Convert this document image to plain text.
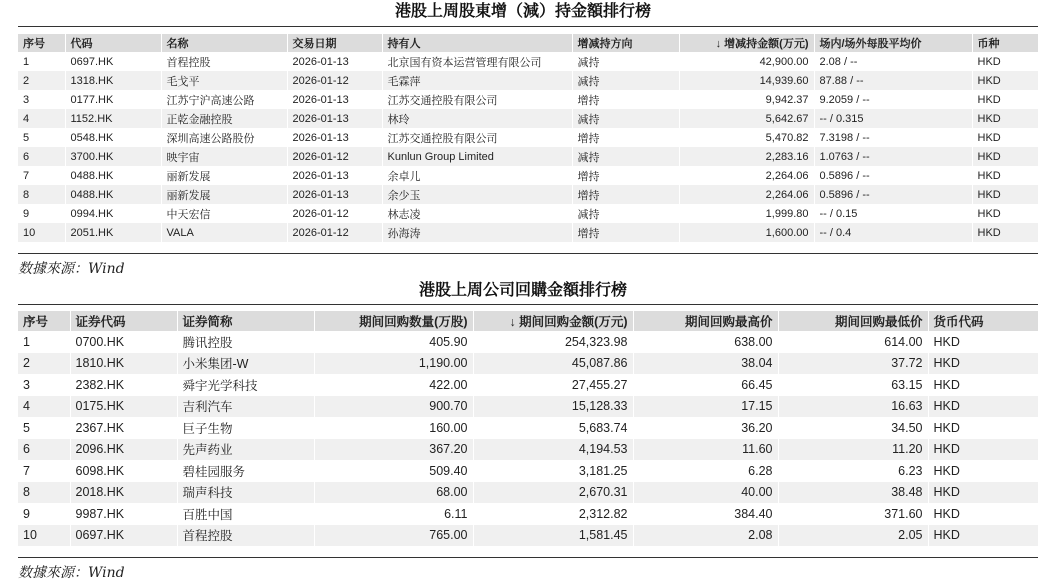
港股上周股東增（減）持金額排行榜
序号	代码	名称	交易日期	持有人	增减持方向	↓ 增减持金额(万元)	场内/场外每股平均价	币种
1	0697.HK	首程控股	2026-01-13	北京国有资本运营管理有限公司	减持	42,900.00	2.08 / --	HKD
2	1318.HK	毛戈平	2026-01-12	毛霖萍	减持	14,939.60	87.88 / --	HKD
3	0177.HK	江苏宁沪高速公路	2026-01-13	江苏交通控股有限公司	增持	9,942.37	9.2059 / --	HKD
4	1152.HK	正乾金融控股	2026-01-13	林玲	减持	5,642.67	-- / 0.315	HKD
5	0548.HK	深圳高速公路股份	2026-01-13	江苏交通控股有限公司	增持	5,470.82	7.3198 / --	HKD
6	3700.HK	映宇宙	2026-01-12	Kunlun Group Limited	减持	2,283.16	1.0763 / --	HKD
7	0488.HK	丽新发展	2026-01-13	余卓儿	增持	2,264.06	0.5896 / --	HKD
8	0488.HK	丽新发展	2026-01-13	余少玉	增持	2,264.06	0.5896 / --	HKD
9	0994.HK	中天宏信	2026-01-12	林志凌	减持	1,999.80	-- / 0.15	HKD
10	2051.HK	VALA	2026-01-12	孙海涛	增持	1,600.00	-- / 0.4	HKD
数據來源：Wind
港股上周公司回購金額排行榜
序号	证券代码	证券简称	期间回购数量(万股)	↓ 期间回购金额(万元)	期间回购最高价	期间回购最低价	货币代码
1	0700.HK	腾讯控股	405.90	254,323.98	638.00	614.00	HKD
2	1810.HK	小米集团-W	1,190.00	45,087.86	38.04	37.72	HKD
3	2382.HK	舜宇光学科技	422.00	27,455.27	66.45	63.15	HKD
4	0175.HK	吉利汽车	900.70	15,128.33	17.15	16.63	HKD
5	2367.HK	巨子生物	160.00	5,683.74	36.20	34.50	HKD
6	2096.HK	先声药业	367.20	4,194.53	11.60	11.20	HKD
7	6098.HK	碧桂园服务	509.40	3,181.25	6.28	6.23	HKD
8	2018.HK	瑞声科技	68.00	2,670.31	40.00	38.48	HKD
9	9987.HK	百胜中国	6.11	2,312.82	384.40	371.60	HKD
10	0697.HK	首程控股	765.00	1,581.45	2.08	2.05	HKD
数據來源：Wind
